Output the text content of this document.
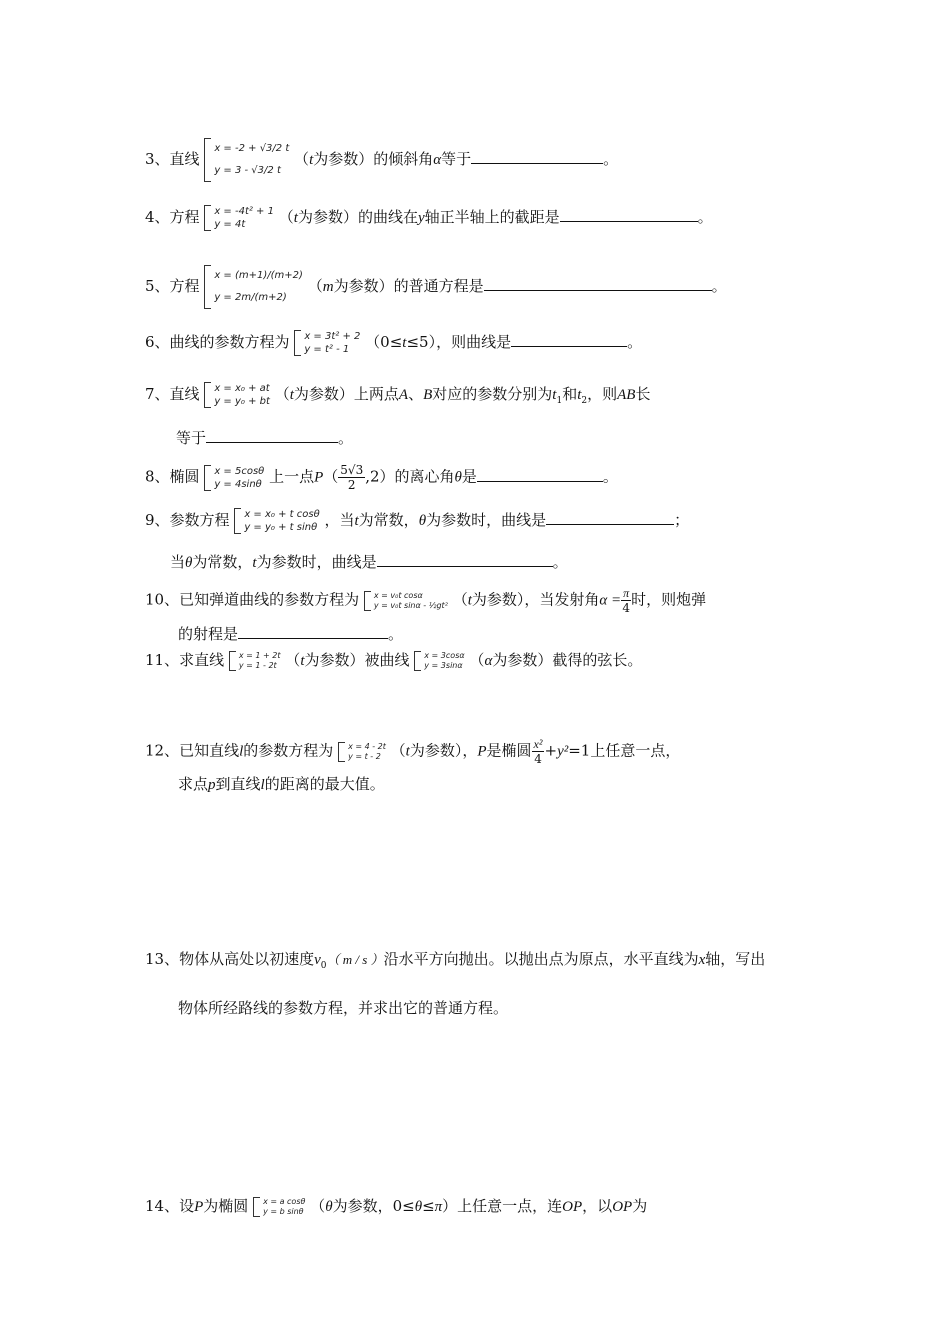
3、直线
x = -2 + √3/2 t
y = 3 - √3/2 t
（t为参数）的倾斜角α等于	。
4、方程 x = -4t² + 1
y = 4t	（t为参数）的曲线在y轴正半轴上的截距是	。
5、方程
x = (m+1)/(m+2)
y = 2m/(m+2)
（m为参数）的普通方程是	。
6、曲线的参数方程为 x = 3t² + 2
y = t² - 1	（0≤t≤5），则曲线是	。
7、直线 x = x₀ + at
y = y₀ + bt （t为参数）上两点A、B对应的参数分别为$t_1$和$t_2$，则AB长
等于	。
8、椭圆 x = 5cosθ
y = 4sinθ 上一点$P( \frac{5√3}{2} ,2)$的离心角θ是	。
9、参数方程 x = x₀ + t cosθ
y = y₀ + t sinθ ，当t为常数，θ为参数时，曲线是	；
当θ为常数，t为参数时，曲线是	。
10、已知弹道曲线的参数方程为 x = v₀t cosα
y = v₀t sinα - ½gt² （t为参数），当发射角$\alpha = \frac{\pi}{4}$ 时，则炮弹
的射程是	。
11、求直线 x = 1 + 2t
y = 1 - 2t （t为参数）被曲线 x = 3cosα
y = 3sinα （α为参数）截得的弦长。
12、已知直线l的参数方程为 x = 4 - 2t
y = t - 2 （t为参数），P是椭圆 $\frac{\text{x²}}{4} +y^2=1$上任意一点，
求点p到直线l的距离的最大值。
13、物体从高处以初速度$v_0$（ m / s ）沿水平方向抛出。以抛出点为原点，水平直线为x轴，写出
物体所经路线的参数方程，并求出它的普通方程。
14、设P为椭圆 x = a cosθ
y = b sinθ （θ为参数，0≤θ≤π）上任意一点，连OP，以OP为
